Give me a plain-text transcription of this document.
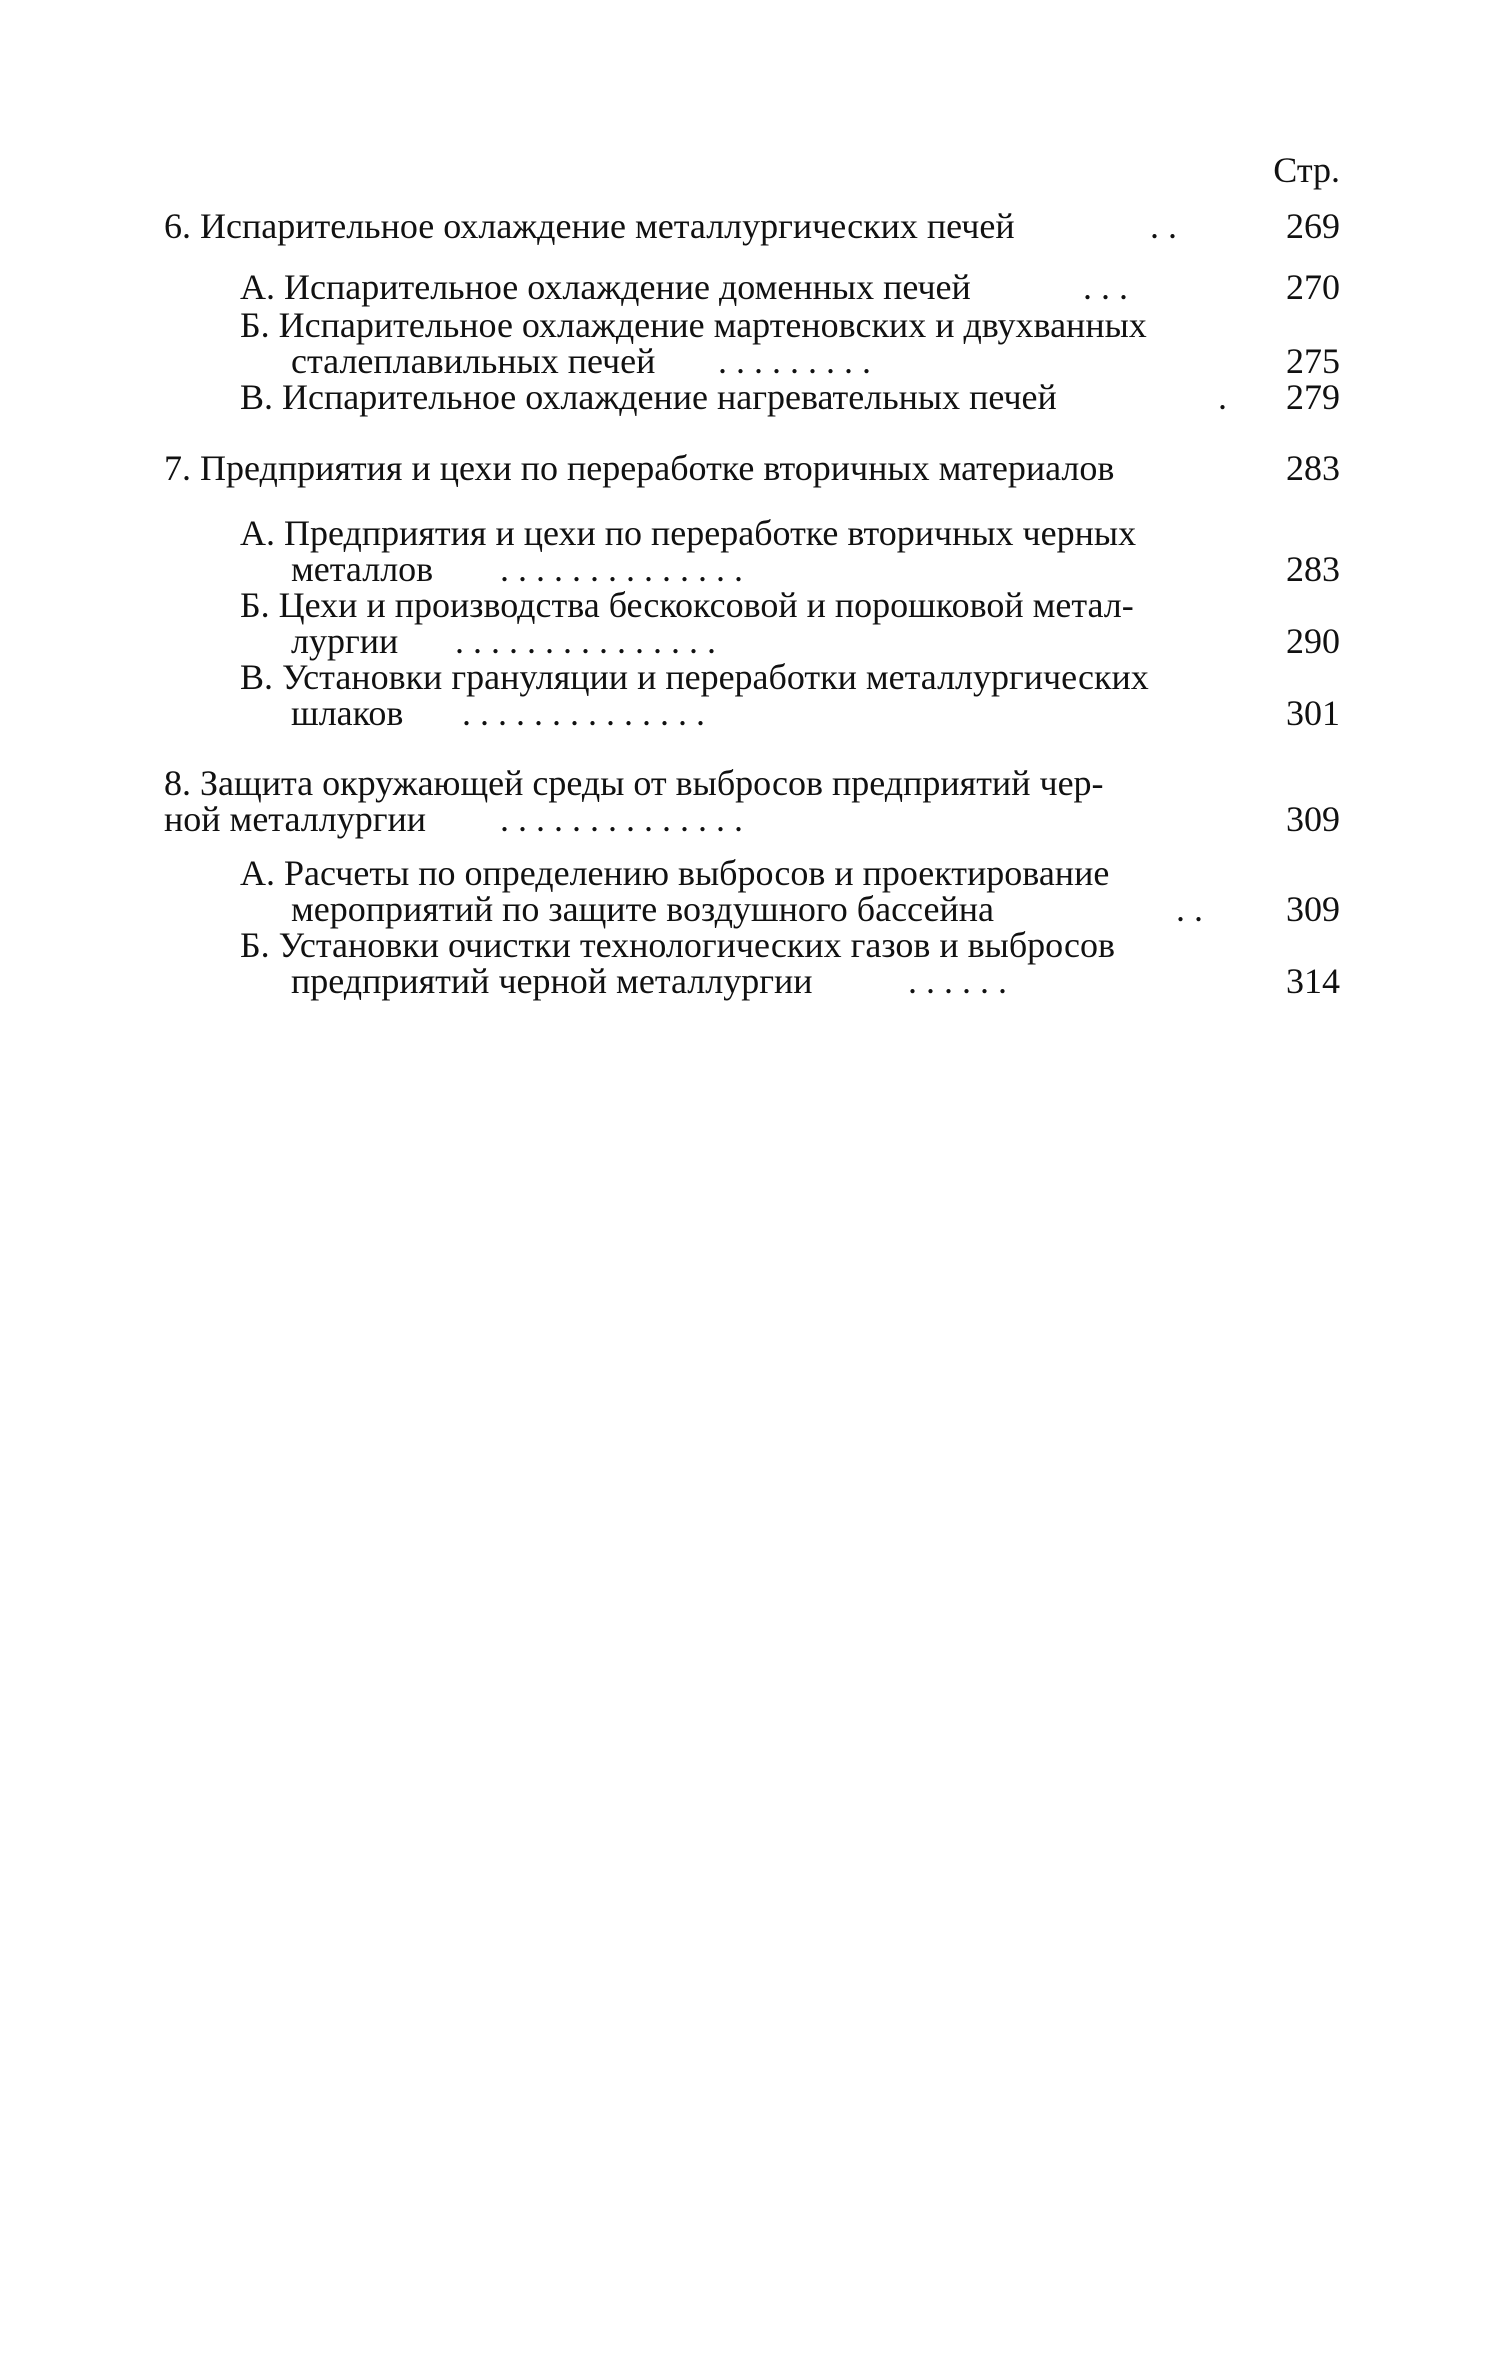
Стр.
6. Испарительное охлаждение металлургических печей	. .	269
А. Испарительное охлаждение доменных печей	. . .	270
Б. Испарительное охлаждение мартеновских и двухванных
сталеплавильных печей . . . . . . . . .	275
В. Испарительное охлаждение нагревательных печей	.	279
7. Предприятия и цехи по переработке вторичных материалов	283
А. Предприятия и цехи по переработке вторичных черных
металлов . . . . . . . . . . . . . .	283
Б. Цехи и производства бескоксовой и порошковой метал-
лургии . . . . . . . . . . . . . . .	290
В. Установки грануляции и переработки металлургических
шлаков . . . . . . . . . . . . . .	301
8. Защита окружающей среды от выбросов предприятий чер-
ной металлургии . . . . . . . . . . . . . .	309
А. Расчеты по определению выбросов и проектирование
мероприятий по защите воздушного бассейна	. .	309
Б. Установки очистки технологических газов и выбросов
предприятий черной металлургии	. . . . . .	314
